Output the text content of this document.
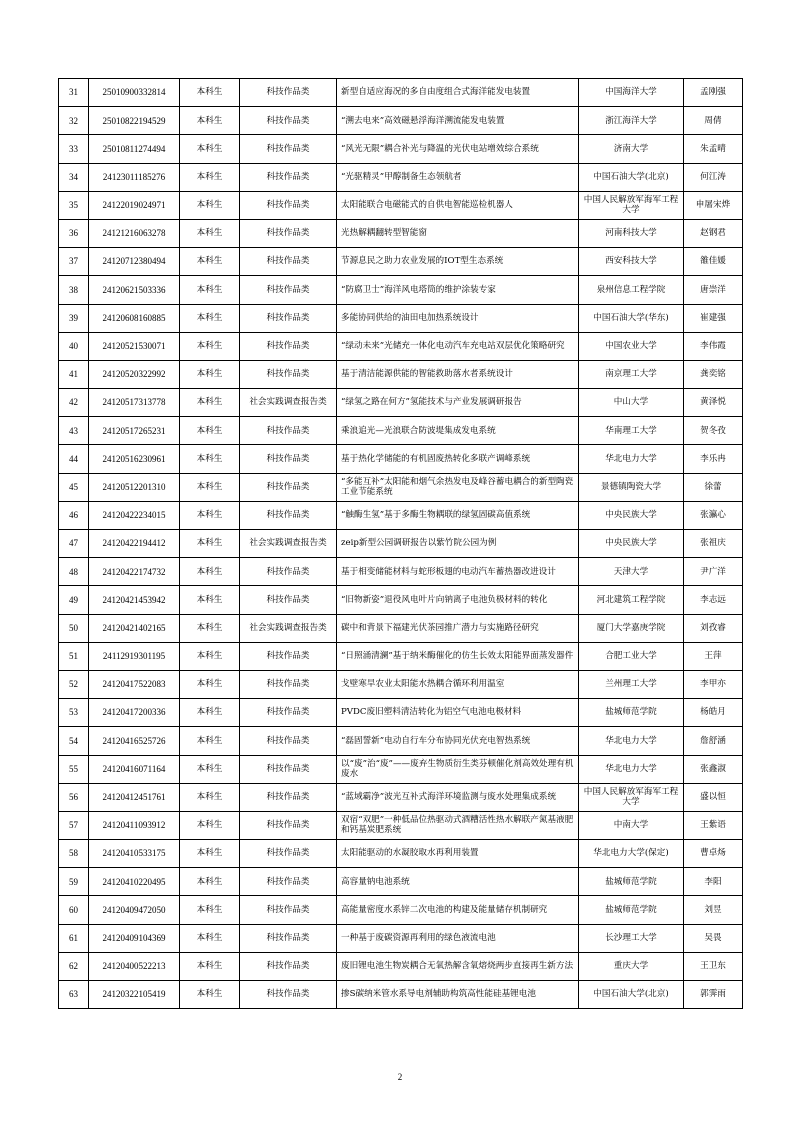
31	25010900332814	本科生	科技作品类	新型自适应海况的多自由度组合式海洋能发电装置	中国海洋大学	孟刚强
32	25010822194529	本科生	科技作品类	“溯去电来”高效磁悬浮海洋溯流能发电装置	浙江海洋大学	周倩
33	25010811274494	本科生	科技作品类	“风光无限”耦合补光与降温的光伏电站增效综合系统	济南大学	朱孟晴
34	24123011185276	本科生	科技作品类	“光驱精灵”甲醇制备生态领航者	中国石油大学(北京)	何江涛
35	24122019024971	本科生	科技作品类	太阳能联合电磁能式的自供电智能巡检机器人	中国人民解放军海军工程大学	申屠宋烨
36	24121216063278	本科生	科技作品类	光热解耦翻转型智能窗	河南科技大学	赵钢君
37	24120712380494	本科生	科技作品类	节源息民之助力农业发展的IOT型生态系统	西安科技大学	雒佳媛
38	24120621503336	本科生	科技作品类	“防腐卫士”海洋风电塔筒的维护涂装专家	泉州信息工程学院	唐崇洋
39	24120608160885	本科生	科技作品类	多能协同供给的油田电加热系统设计	中国石油大学(华东)	崔建强
40	24120521530071	本科生	科技作品类	“绿动未来”光储充一体化电动汽车充电站双层优化策略研究	中国农业大学	李伟霞
41	24120520322992	本科生	科技作品类	基于清洁能源供能的智能救助落水者系统设计	南京理工大学	龚奕铭
42	24120517313778	本科生	社会实践调查报告类	“绿氢之路在何方”氢能技术与产业发展调研报告	中山大学	黄泽悦
43	24120517265231	本科生	科技作品类	乘浪追光—光浪联合防波堤集成发电系统	华南理工大学	贺冬孜
44	24120516230961	本科生	科技作品类	基于热化学储能的有机固废热转化多联产调峰系统	华北电力大学	李乐冉
45	24120512201310	本科生	科技作品类	“多能互补”太阳能和烟气余热发电及峰谷蓄电耦合的新型陶瓷工业节能系统	景德镇陶瓷大学	徐蕾
46	24120422234015	本科生	科技作品类	“触酶生氢”基于多酶生物耦联的绿氢固碳高值系统	中央民族大学	张瀛心
47	24120422194412	本科生	社会实践调查报告类	zeip新型公园调研报告以紫竹院公园为例	中央民族大学	张祖庆
48	24120422174732	本科生	科技作品类	基于相变储能材料与蛇形板翅的电动汽车蓄热器改进设计	天津大学	尹广洋
49	24120421453942	本科生	科技作品类	“旧物新姿”退役风电叶片向钠离子电池负极材料的转化	河北建筑工程学院	李志远
50	24120421402165	本科生	社会实践调查报告类	碳中和背景下福建光伏茶园推广潜力与实施路径研究	厦门大学嘉庚学院	刘孜睿
51	24112919301195	本科生	科技作品类	“日照涌清澜”基于纳米酶催化的仿生长效太阳能界面蒸发器件	合肥工业大学	王萍
52	24120417522083	本科生	科技作品类	戈壁寒旱农业太阳能水热耦合循环利用温室	兰州理工大学	李甲亦
53	24120417200336	本科生	科技作品类	PVDC废旧塑料清洁转化为铝空气电池电极材料	盐城师范学院	杨皓月
54	24120416525726	本科生	科技作品类	“磊固誓新”电动自行车分布协同光伏充电智热系统	华北电力大学	詹舒涵
55	24120416071164	本科生	科技作品类	以“废”治“废”——废弃生物质衍生类芬顿催化剂高效处理有机废水	华北电力大学	张鑫淑
56	24120412451761	本科生	科技作品类	“蓝域霸净”波光互补式海洋环境监测与废水处理集成系统	中国人民解放军海军工程大学	盛以恒
57	24120411093912	本科生	科技作品类	双宿“双肥”一种低品位热驱动式酒糟活性热水解联产氮基液肥和钙基炭肥系统	中南大学	王紫语
58	24120410533175	本科生	科技作品类	太阳能驱动的水凝胶取水再利用装置	华北电力大学(保定)	曹卓炀
59	24120410220495	本科生	科技作品类	高容量钠电池系统	盐城师范学院	李阳
60	24120409472050	本科生	科技作品类	高能量密度水系锌二次电池的构建及能量储存机制研究	盐城师范学院	刘昱
61	24120409104369	本科生	科技作品类	一种基于废碳资源再利用的绿色液流电池	长沙理工大学	吴畏
62	24120400522213	本科生	科技作品类	废旧锂电池生物炭耦合无氧热解含氧熔烧两步直接再生新方法	重庆大学	王卫东
63	24120322105419	本科生	科技作品类	掺S碳纳米管水系导电剂辅助构筑高性能硅基锂电池	中国石油大学(北京)	郭霁雨
2
